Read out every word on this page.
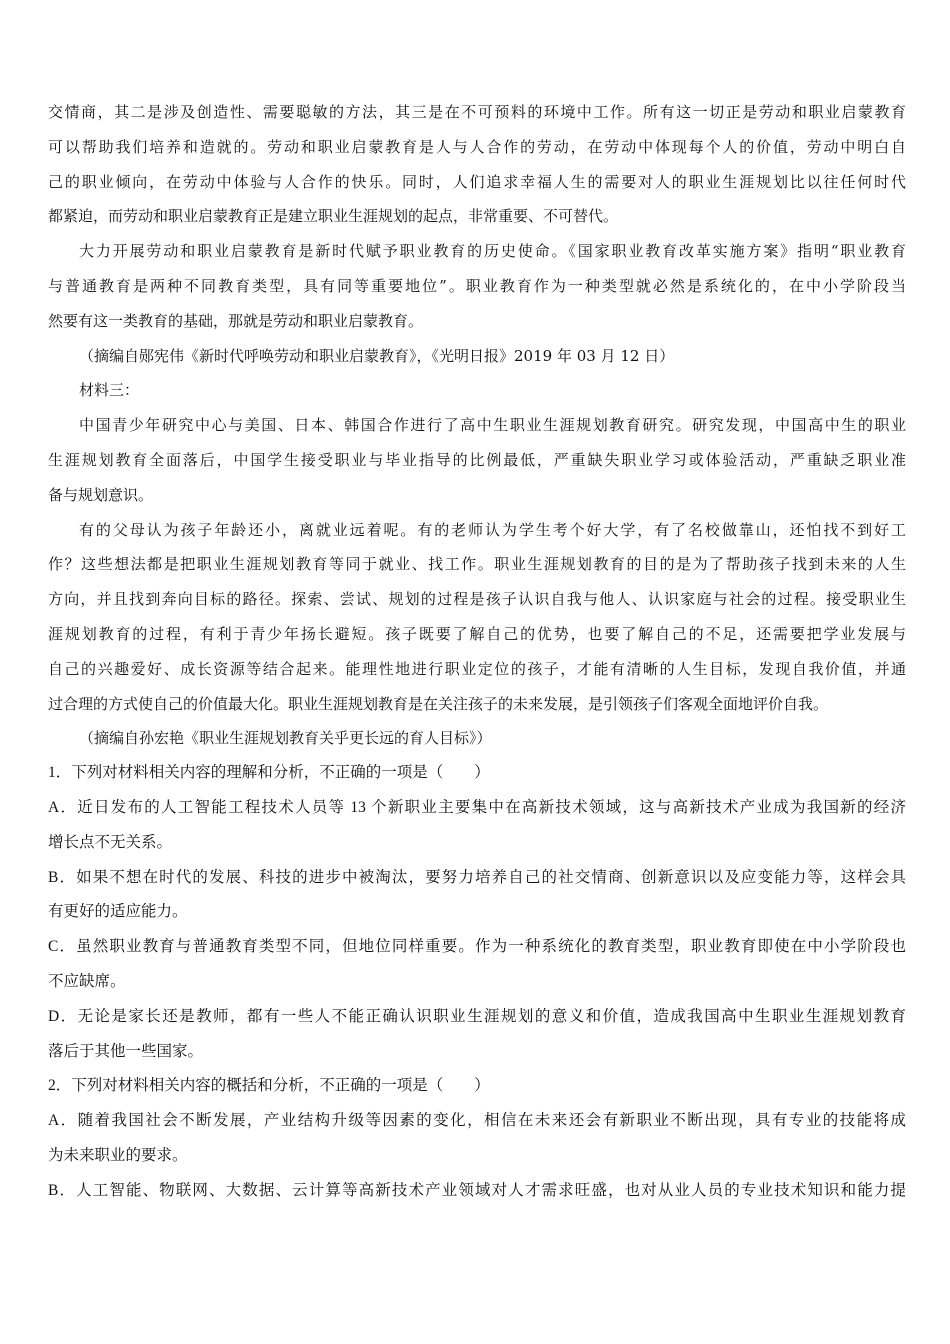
交情商，其二是涉及创造性、需要聪敏的方法，其三是在不可预料的环境中工作。所有这一切正是劳动和职业启蒙教育
可以帮助我们培养和造就的。劳动和职业启蒙教育是人与人合作的劳动，在劳动中体现每个人的价值，劳动中明白自
己的职业倾向，在劳动中体验与人合作的快乐。同时，人们追求幸福人生的需要对人的职业生涯规划比以往任何时代
都紧迫，而劳动和职业启蒙教育正是建立职业生涯规划的起点，非常重要、不可替代。
大力开展劳动和职业启蒙教育是新时代赋予职业教育的历史使命。《国家职业教育改革实施方案》指明“职业教育
与普通教育是两种不同教育类型，具有同等重要地位”。职业教育作为一种类型就必然是系统化的，在中小学阶段当
然要有这一类教育的基础，那就是劳动和职业启蒙教育。
（摘编自郧宪伟《新时代呼唤劳动和职业启蒙教育》，《光明日报》2019 年 03 月 12 日）
材料三：
中国青少年研究中心与美国、日本、韩国合作进行了高中生职业生涯规划教育研究。研究发现，中国高中生的职业
生涯规划教育全面落后，中国学生接受职业与毕业指导的比例最低，严重缺失职业学习或体验活动，严重缺乏职业准
备与规划意识。
有的父母认为孩子年龄还小，离就业远着呢。有的老师认为学生考个好大学，有了名校做靠山，还怕找不到好工
作？这些想法都是把职业生涯规划教育等同于就业、找工作。职业生涯规划教育的目的是为了帮助孩子找到未来的人生
方向，并且找到奔向目标的路径。探索、尝试、规划的过程是孩子认识自我与他人、认识家庭与社会的过程。接受职业生
涯规划教育的过程，有利于青少年扬长避短。孩子既要了解自己的优势，也要了解自己的不足，还需要把学业发展与
自己的兴趣爱好、成长资源等结合起来。能理性地进行职业定位的孩子，才能有清晰的人生目标，发现自我价值，并通
过合理的方式使自己的价值最大化。职业生涯规划教育是在关注孩子的未来发展，是引领孩子们客观全面地评价自我。
（摘编自孙宏艳《职业生涯规划教育关乎更长远的育人目标》）
1．下列对材料相关内容的理解和分析，不正确的一项是（　　）
A．近日发布的人工智能工程技术人员等 13 个新职业主要集中在高新技术领域，这与高新技术产业成为我国新的经济
增长点不无关系。
B．如果不想在时代的发展、科技的进步中被淘汰，要努力培养自己的社交情商、创新意识以及应变能力等，这样会具
有更好的适应能力。
C．虽然职业教育与普通教育类型不同，但地位同样重要。作为一种系统化的教育类型，职业教育即使在中小学阶段也
不应缺席。
D．无论是家长还是教师，都有一些人不能正确认识职业生涯规划的意义和价值，造成我国高中生职业生涯规划教育
落后于其他一些国家。
2．下列对材料相关内容的概括和分析，不正确的一项是（　　）
A．随着我国社会不断发展，产业结构升级等因素的变化，相信在未来还会有新职业不断出现，具有专业的技能将成
为未来职业的要求。
B．人工智能、物联网、大数据、云计算等高新技术产业领域对人才需求旺盛，也对从业人员的专业技术知识和能力提
